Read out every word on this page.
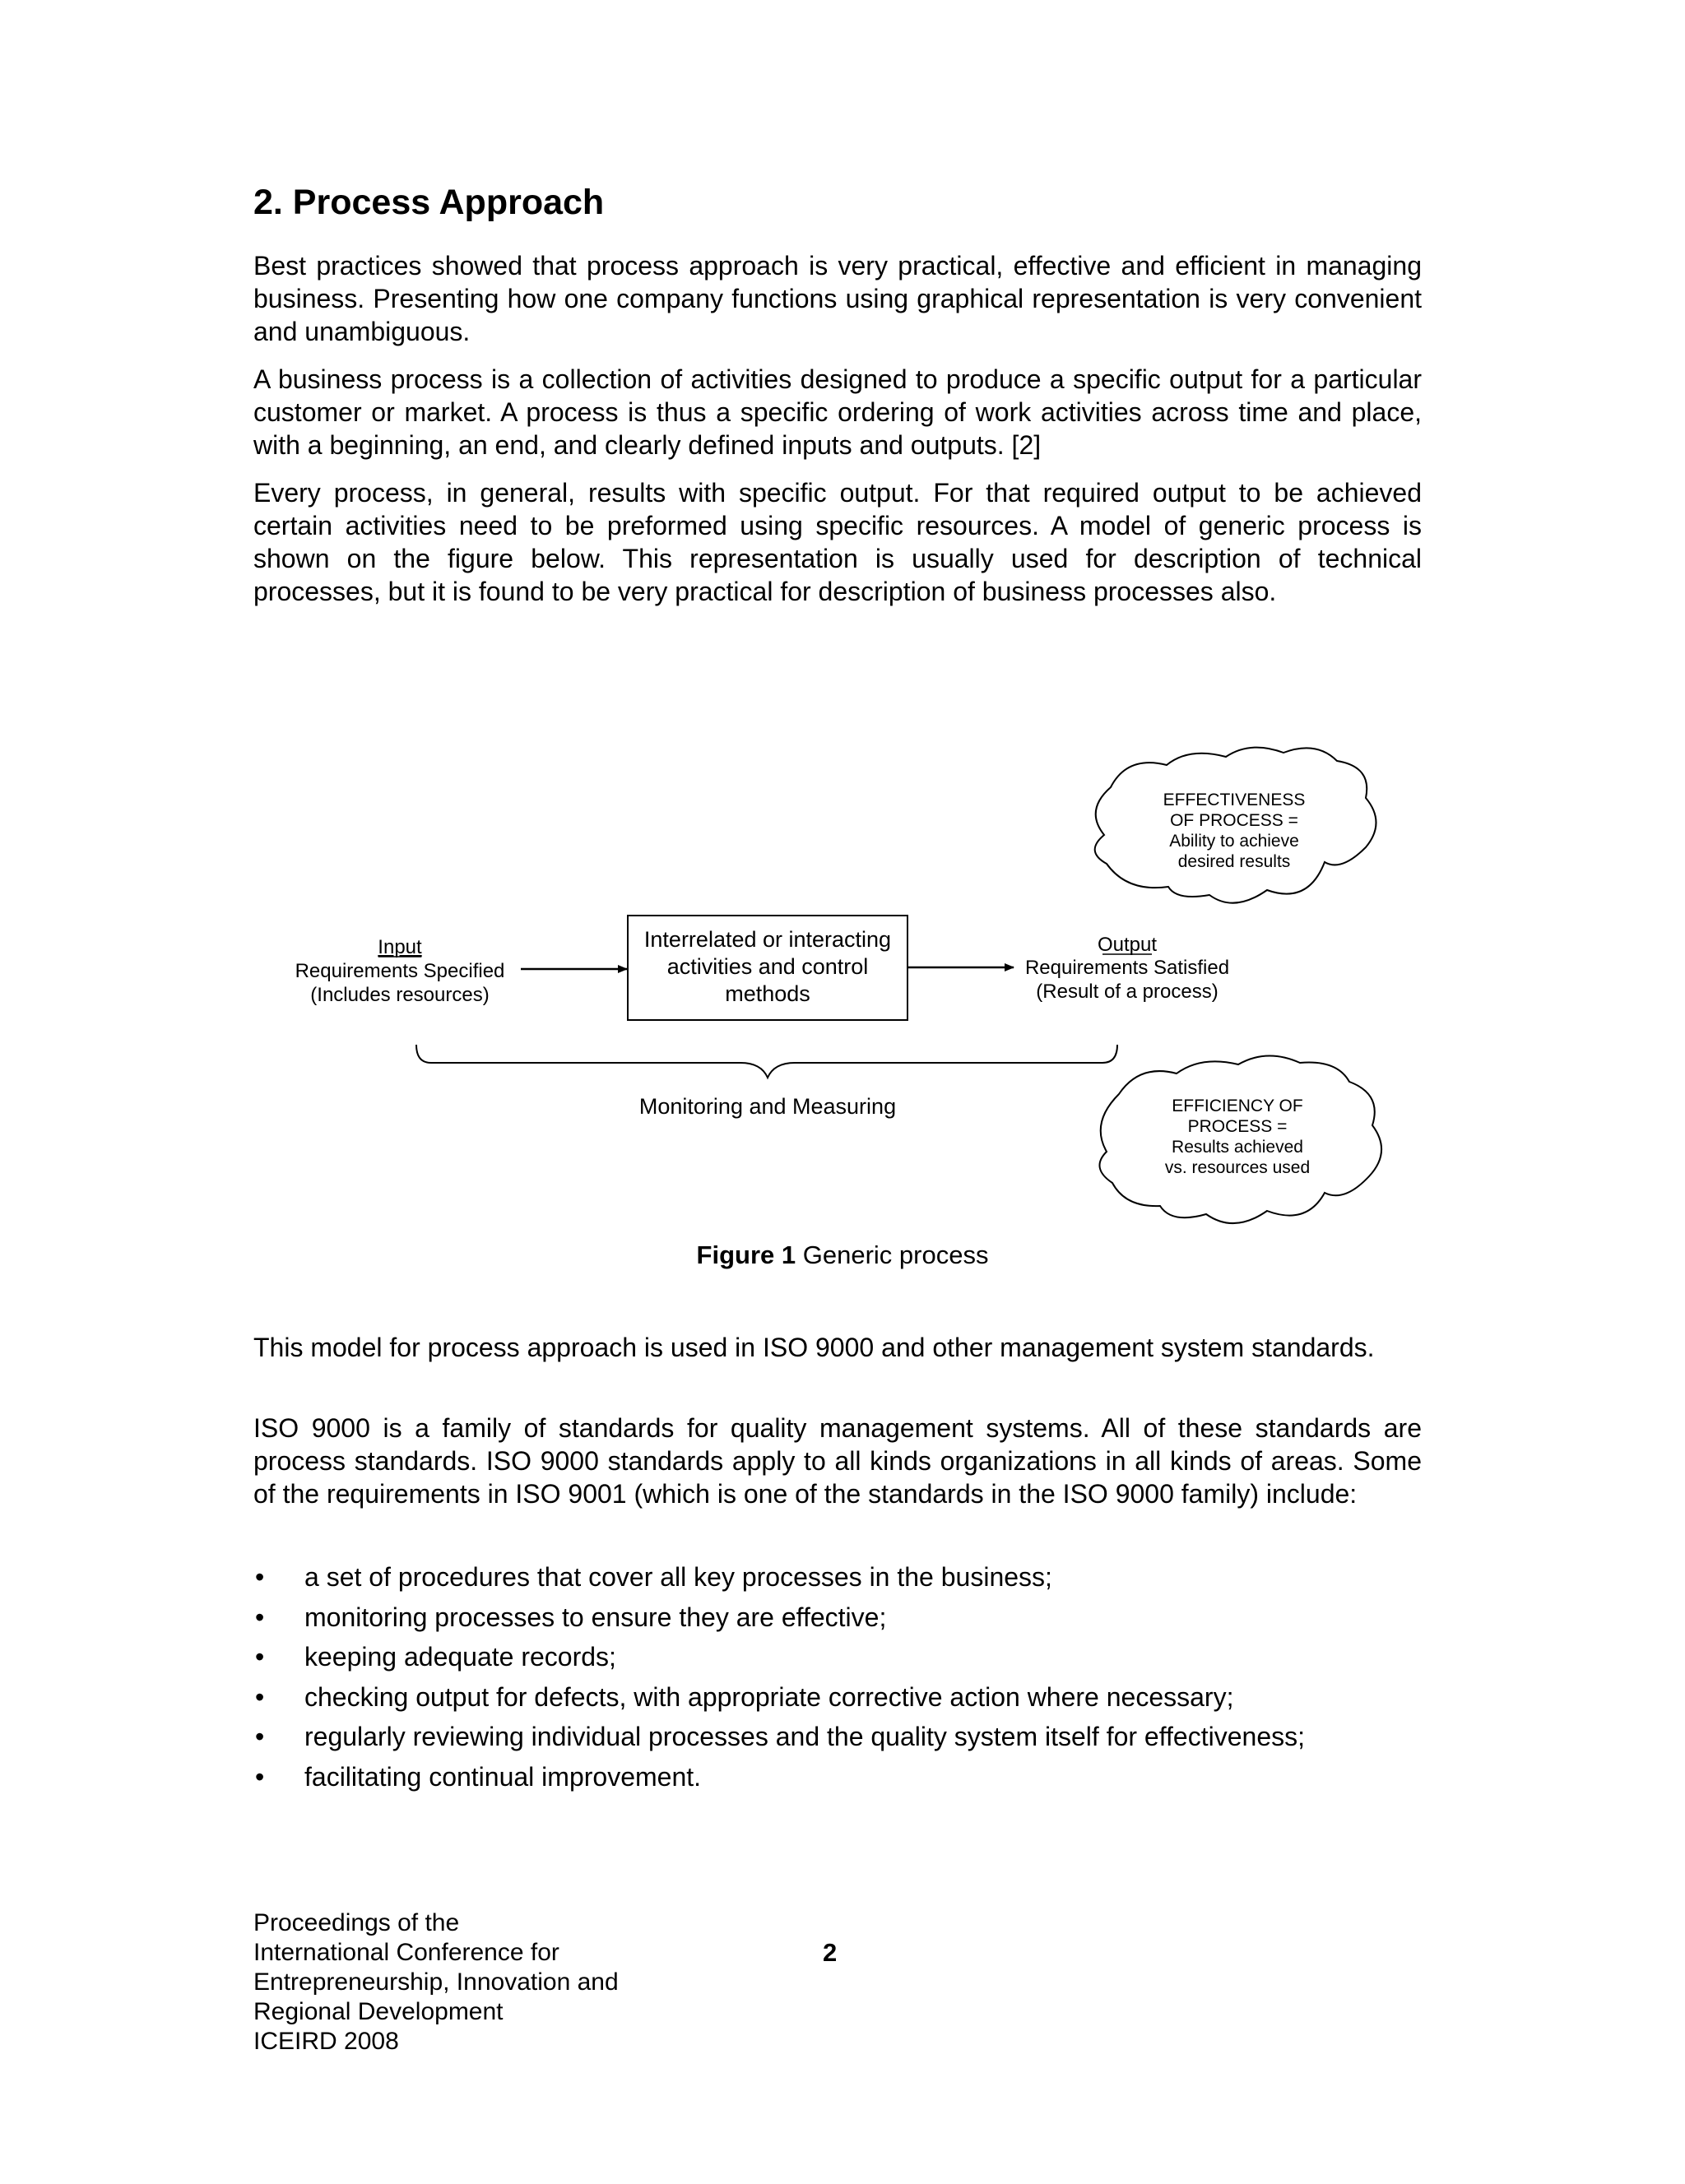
2. Process Approach

Best practices showed that process approach is very practical, effective and efficient in managing business. Presenting how one company functions using graphical representation is very convenient and unambiguous.

A business process is a collection of activities designed to produce a specific output for a particular customer or market. A process is thus a specific ordering of work activities across time and place, with a beginning, an end, and clearly defined inputs and outputs. [2]

Every process, in general, results with specific output. For that required output to be achieved certain activities need to be preformed using specific resources. A model of generic process is shown on the figure below. This representation is usually used for description of technical processes, but it is found to be very practical for description of business processes also.

Input
Requirements Specified
(Includes resources)
Interrelated or interacting
activities and control
methods
Output
Requirements Satisfied
(Result of a process)
Monitoring and Measuring
EFFECTIVENESS
OF PROCESS =
Ability to achieve
desired results
EFFICIENCY OF
PROCESS =
Results achieved
vs. resources used
Figure 1 Generic process

This model for process approach is used in ISO 9000 and other management system standards.

ISO 9000 is a family of standards for quality management systems. All of these standards are process standards. ISO 9000 standards apply to all kinds organizations in all kinds of areas. Some of the requirements in ISO 9001 (which is one of the standards in the ISO 9000 family) include:

• a set of procedures that cover all key processes in the business;
• monitoring processes to ensure they are effective;
• keeping adequate records;
• checking output for defects, with appropriate corrective action where necessary;
• regularly reviewing individual processes and the quality system itself for effectiveness;
• facilitating continual improvement.
Proceedings of the
International Conference for
Entrepreneurship, Innovation and
Regional Development
ICEIRD 2008
2
